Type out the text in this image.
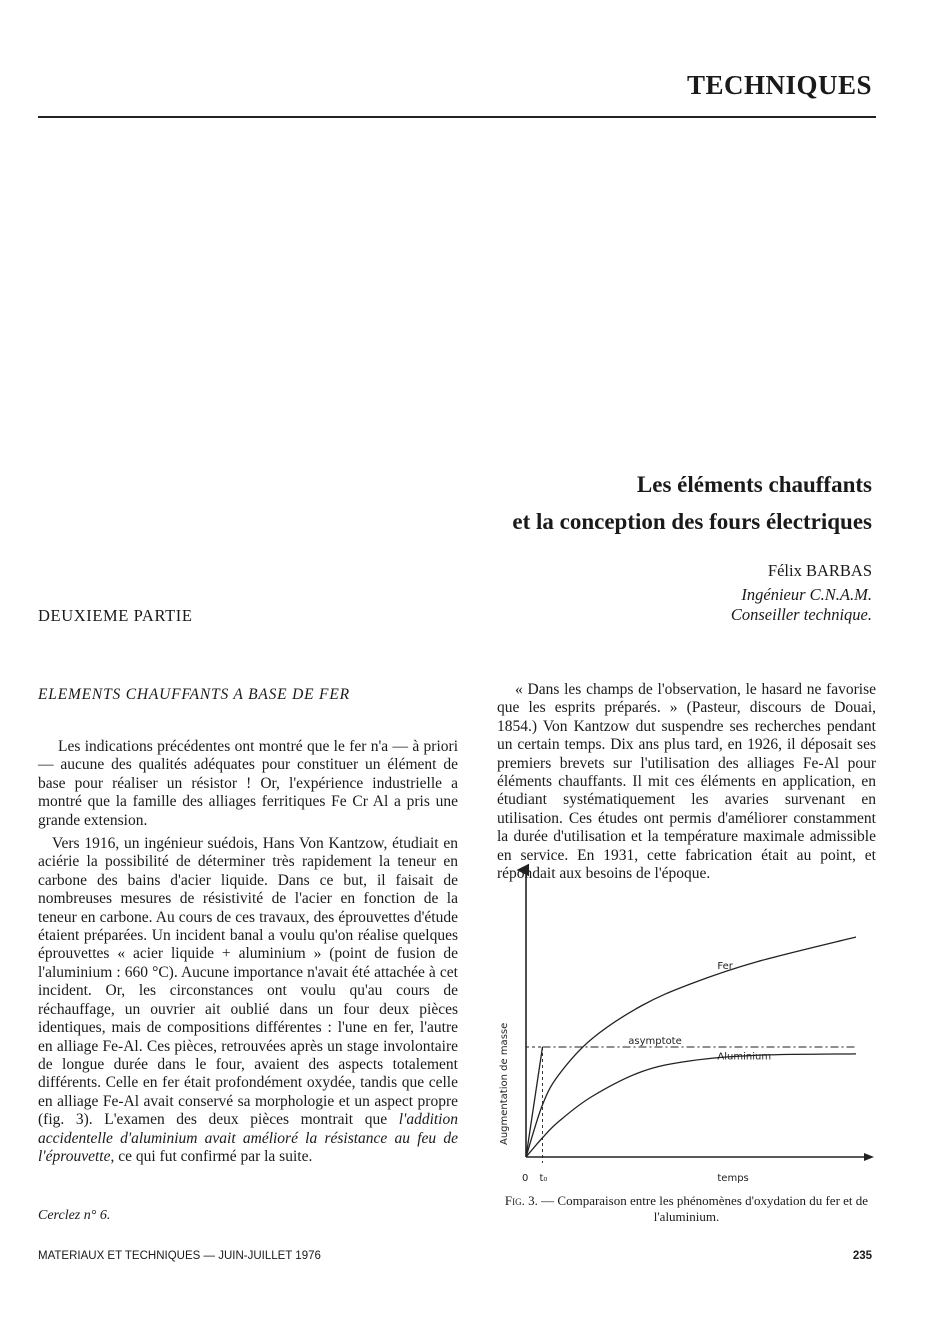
TECHNIQUES
Les éléments chauffants
et la conception des fours électriques
Félix BARBAS
Ingénieur C.N.A.M.
Conseiller technique.
DEUXIEME PARTIE
ELEMENTS CHAUFFANTS A BASE DE FER

Les indications précédentes ont montré que le fer n'a — à priori — aucune des qualités adéquates pour constituer un élément de base pour réaliser un résistor ! Or, l'expérience industrielle a montré que la famille des alliages ferritiques Fe Cr Al a pris une grande extension.

Vers 1916, un ingénieur suédois, Hans Von Kantzow, étudiait en aciérie la possibilité de déterminer très rapidement la teneur en carbone des bains d'acier liquide. Dans ce but, il faisait de nombreuses mesures de résistivité de l'acier en fonction de la teneur en carbone. Au cours de ces travaux, des éprouvettes d'étude étaient préparées. Un incident banal a voulu qu'on réalise quelques éprouvettes « acier liquide + aluminium » (point de fusion de l'aluminium : 660 °C). Aucune importance n'avait été attachée à cet incident. Or, les circonstances ont voulu qu'au cours de réchauffage, un ouvrier ait oublié dans un four deux pièces identiques, mais de compositions différentes : l'une en fer, l'autre en alliage Fe-Al. Ces pièces, retrouvées après un stage involontaire de longue durée dans le four, avaient des aspects totalement différents. Celle en fer était profondément oxydée, tandis que celle en alliage Fe-Al avait conservé sa morphologie et un aspect propre (fig. 3). L'examen des deux pièces montrait que l'addition accidentelle d'aluminium avait amélioré la résistance au feu de l'éprouvette, ce qui fut confirmé par la suite.

Cerclez n° 6.

« Dans les champs de l'observation, le hasard ne favorise que les esprits préparés. » (Pasteur, discours de Douai, 1854.) Von Kantzow dut suspendre ses recherches pendant un certain temps. Dix ans plus tard, en 1926, il déposait ses premiers brevets sur l'utilisation des alliages Fe-Al pour éléments chauffants. Il mit ces éléments en application, en étudiant systématiquement les avaries survenant en utilisation. Ces études ont permis d'améliorer constamment la durée d'utilisation et la température maximale admissible en service. En 1931, cette fabrication était au point, et répondait aux besoins de l'époque.

Fer
Aluminium
asymptote
temps
0 t₀
Augmentation de masse
Fig. 3. — Comparaison entre les phénomènes d'oxydation du fer et de l'aluminium.
MATERIAUX ET TECHNIQUES — JUIN-JUILLET 1976	235
